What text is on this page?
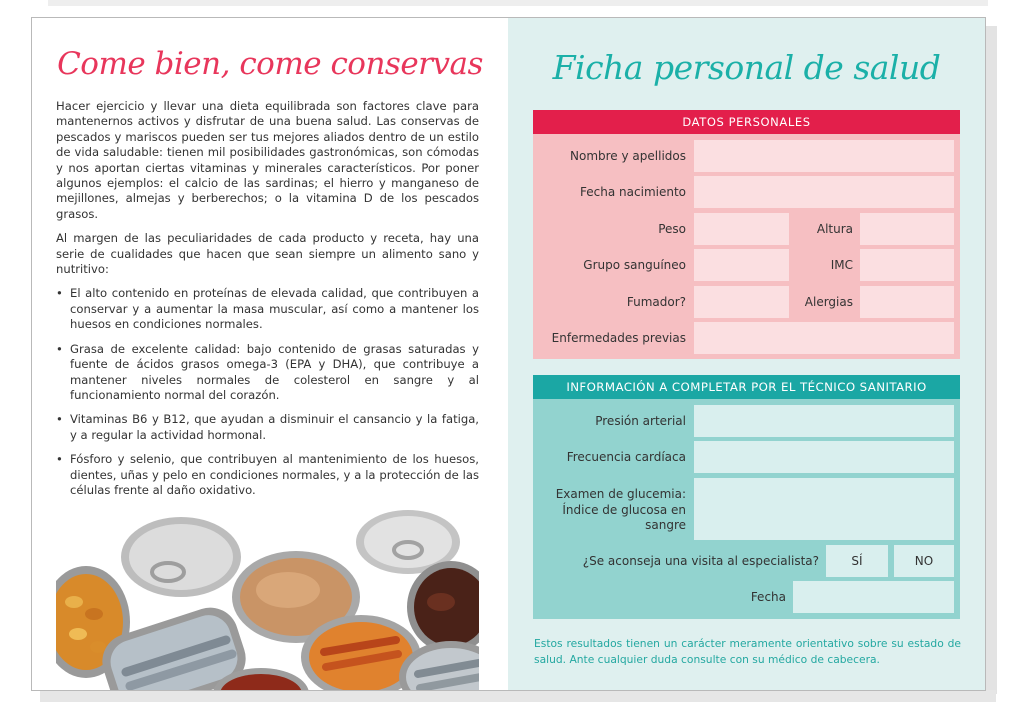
Come bien, come conservas

Hacer ejercicio y llevar una dieta equilibrada son factores clave para mantenernos activos y disfrutar de una buena salud. Las conservas de pescados y mariscos pueden ser tus mejores aliados dentro de un estilo de vida saludable: tienen mil posibilidades gastronómicas, son cómodas y nos aportan ciertas vitaminas y minerales característicos. Por poner algunos ejemplos: el calcio de las sardinas; el hierro y manganeso de mejillones, almejas y berberechos; o la vitamina D de los pescados grasos.

Al margen de las peculiaridades de cada producto y receta, hay una serie de cualidades que hacen que sean siempre un alimento sano y nutritivo:

• El alto contenido en proteínas de elevada calidad, que contribuyen a conservar y a aumentar la masa muscular, así como a mantener los huesos en condiciones normales.
• Grasa de excelente calidad: bajo contenido de grasas saturadas y fuente de ácidos grasos omega-3 (EPA y DHA), que contribuye a mantener niveles normales de colesterol en sangre y al funcionamiento normal del corazón.
• Vitaminas B6 y B12, que ayudan a disminuir el cansancio y la fatiga, y a regular la actividad hormonal.
• Fósforo y selenio, que contribuyen al mantenimiento de los huesos, dientes, uñas y pelo en condiciones normales, y a la protección de las células frente al daño oxidativo.
Ficha personal de salud
DATOS PERSONALES
Nombre y apellidos
Fecha nacimiento
Peso	Altura
Grupo sanguíneo	IMC
Fumador?	Alergias
Enfermedades previas
INFORMACIÓN A COMPLETAR POR EL TÉCNICO SANITARIO
Presión arterial
Frecuencia cardíaca
Examen de glucemia:
Índice de glucosa en
sangre
¿Se aconseja una visita al especialista?	SÍ	NO
Fecha
Estos resultados tienen un carácter meramente orientativo sobre su estado de salud. Ante cualquier duda consulte con su médico de cabecera.
